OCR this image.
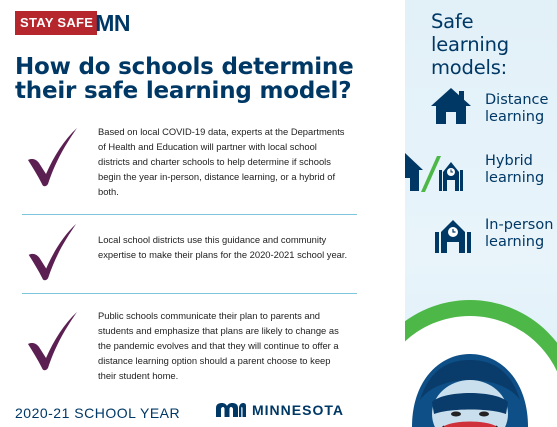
STAY SAFE MN
How do schools determine their safe learning model?
Based on local COVID-19 data, experts at the Departments of Health and Education will partner with local school districts and charter schools to help determine if schools begin the year in-person, distance learning, or a hybrid of both.
Local school districts use this guidance and community expertise to make their plans for the 2020-2021 school year.
Public schools communicate their plan to parents and students and emphasize that plans are likely to change as the pandemic evolves and that they will continue to offer a distance learning option should a parent choose to keep their student home.
2020-21 SCHOOL YEAR	MINNESOTA
Safe learning models:
Distance learning
Hybrid learning
In-person learning
